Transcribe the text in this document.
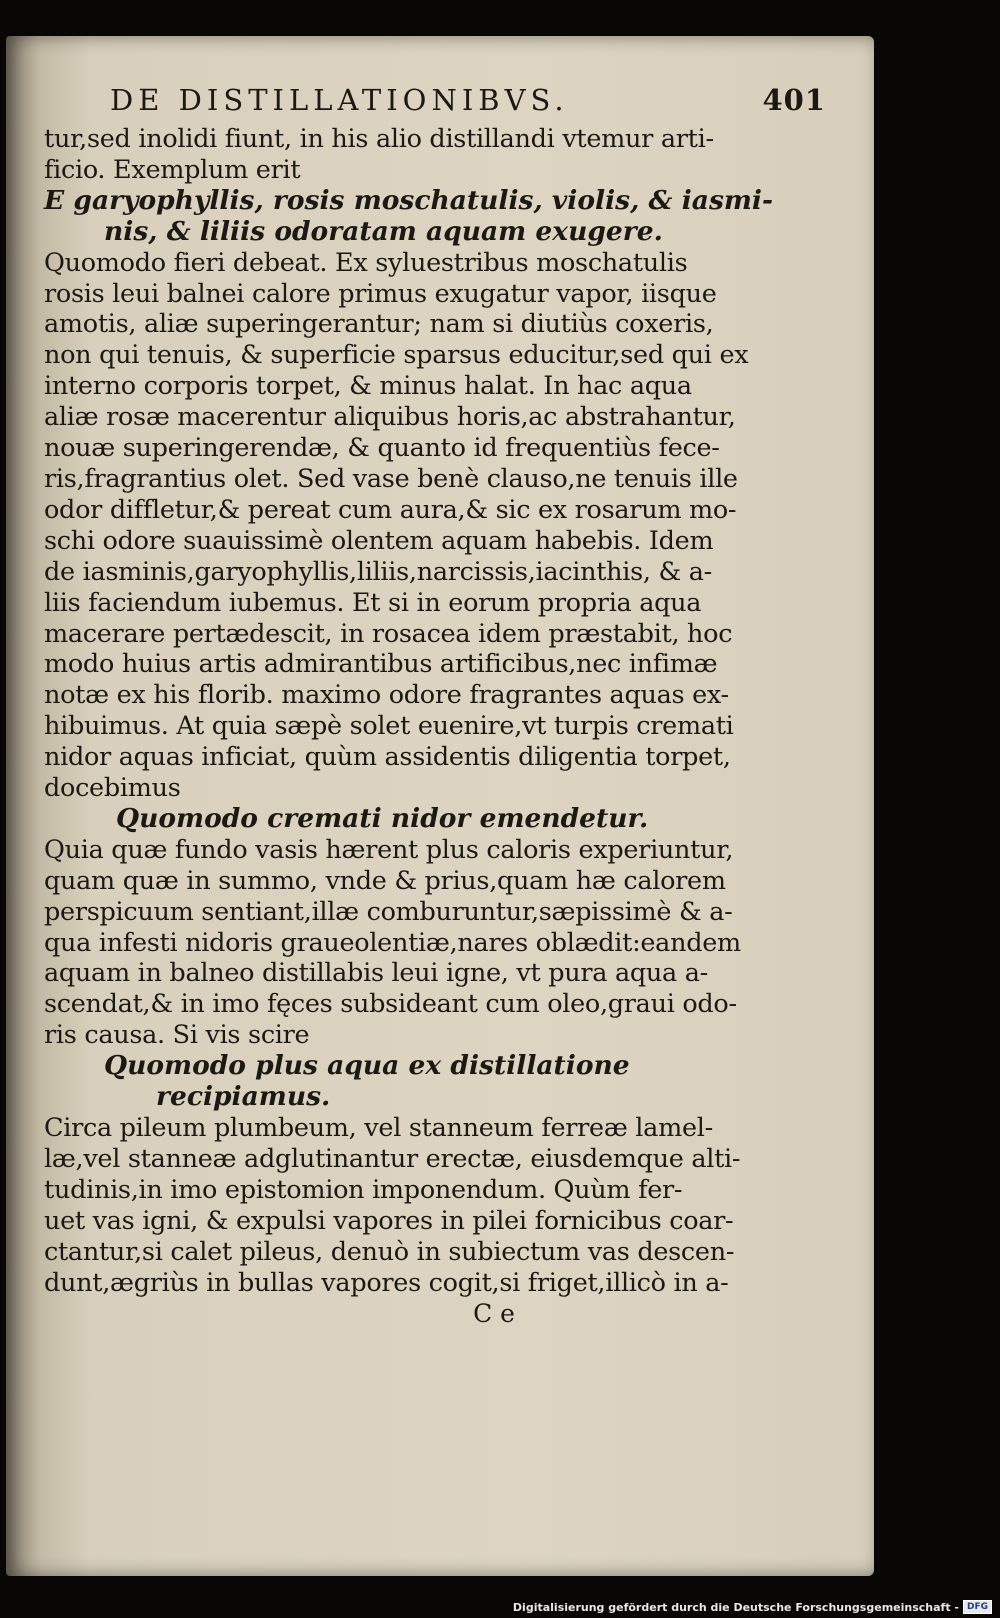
DE DISTILLATIONIBVS.	401
tur,sed inolidi fiunt, in his alio distillandi vtemur arti-
ficio. Exemplum erit
E garyophyllis, rosis moschatulis, violis, & iasmi-
nis, & liliis odoratam aquam exugere.
Quomodo fieri debeat. Ex syluestribus moschatulis
rosis leui balnei calore primus exugatur vapor, iisque
amotis, aliæ superingerantur; nam si diutiùs coxeris,
non qui tenuis, & superficie sparsus educitur,sed qui ex
interno corporis torpet, & minus halat. In hac aqua
aliæ rosæ macerentur aliquibus horis,ac abstrahantur,
nouæ superingerendæ, & quanto id frequentiùs fece-
ris,fragrantius olet. Sed vase benè clauso,ne tenuis ille
odor diffletur,& pereat cum aura,& sic ex rosarum mo-
schi odore suauissimè olentem aquam habebis. Idem
de iasminis,garyophyllis,liliis,narcissis,iacinthis, & a-
liis faciendum iubemus. Et si in eorum propria aqua
macerare pertædescit, in rosacea idem præstabit, hoc
modo huius artis admirantibus artificibus,nec infimæ
notæ ex his florib. maximo odore fragrantes aquas ex-
hibuimus. At quia sæpè solet euenire,vt turpis cremati
nidor aquas inficiat, quùm assidentis diligentia torpet,
docebimus
Quomodo cremati nidor emendetur.
Quia quæ fundo vasis hærent plus caloris experiuntur,
quam quæ in summo, vnde & prius,quam hæ calorem
perspicuum sentiant,illæ comburuntur,sæpissimè & a-
qua infesti nidoris graueolentiæ,nares oblædit:eandem
aquam in balneo distillabis leui igne, vt pura aqua a-
scendat,& in imo fęces subsideant cum oleo,graui odo-
ris causa. Si vis scire
Quomodo plus aqua ex distillatione
recipiamus.
Circa pileum plumbeum, vel stanneum ferreæ lamel-
læ,vel stanneæ adglutinantur erectæ, eiusdemque alti-
tudinis,in imo epistomion imponendum. Quùm fer-
uet vas igni, & expulsi vapores in pilei fornicibus coar-
ctantur,si calet pileus, denuò in subiectum vas descen-
dunt,ægriùs in bullas vapores cogit,si friget,illicò in a-
C e
Digitalisierung gefördert durch die Deutsche Forschungsgemeinschaft - DFG
